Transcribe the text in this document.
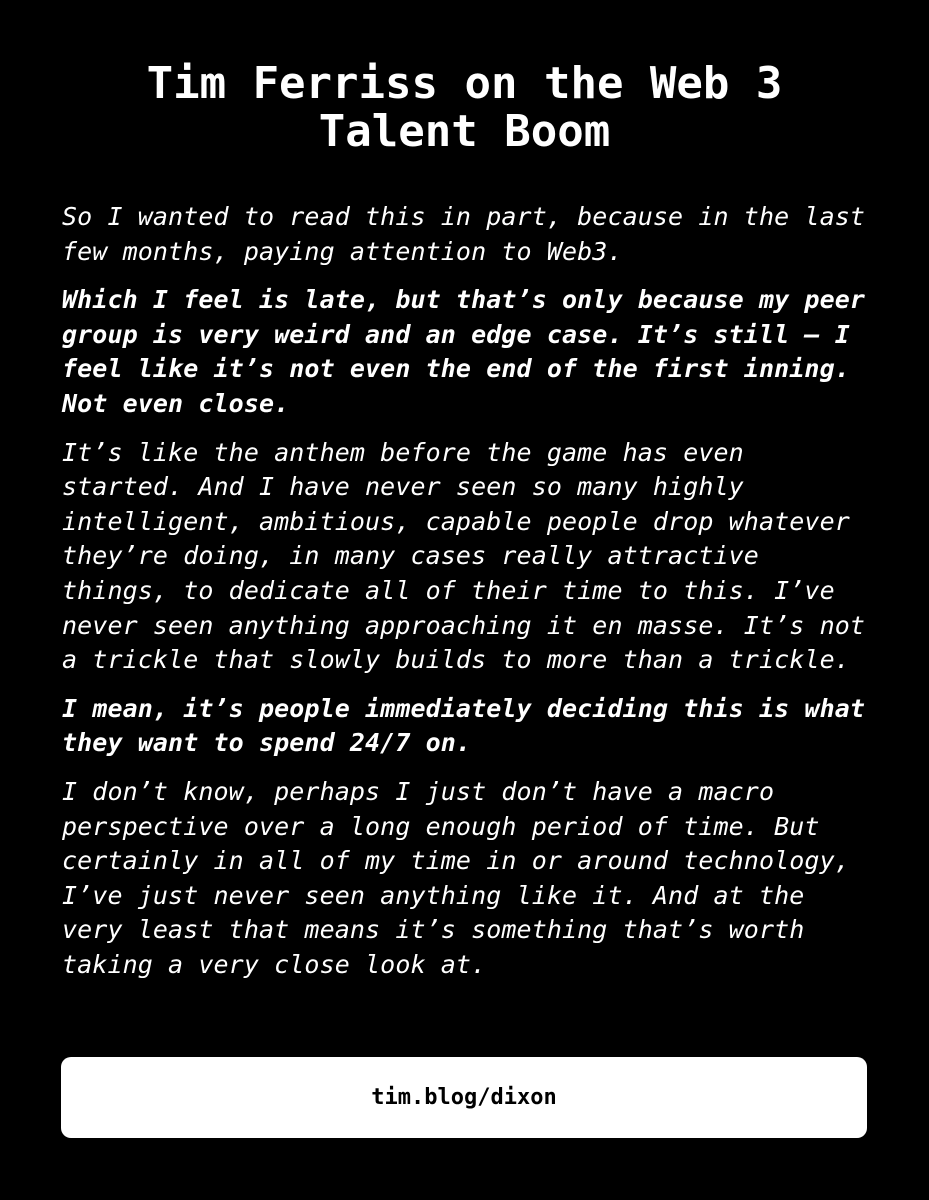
Tim Ferriss on the Web 3 Talent Boom

So I wanted to read this in part, because in the last few months, paying attention to Web3.

Which I feel is late, but that’s only because my peer group is very weird and an edge case. It’s still — I feel like it’s not even the end of the first inning. Not even close.

It’s like the anthem before the game has even started. And I have never seen so many highly intelligent, ambitious, capable people drop whatever they’re doing, in many cases really attractive things, to dedicate all of their time to this. I’ve never seen anything approaching it en masse. It’s not a trickle that slowly builds to more than a trickle.

I mean, it’s people immediately deciding this is what they want to spend 24/7 on.

I don’t know, perhaps I just don’t have a macro perspective over a long enough period of time. But certainly in all of my time in or around technology, I’ve just never seen anything like it. And at the very least that means it’s something that’s worth taking a very close look at.

tim.blog/dixon
